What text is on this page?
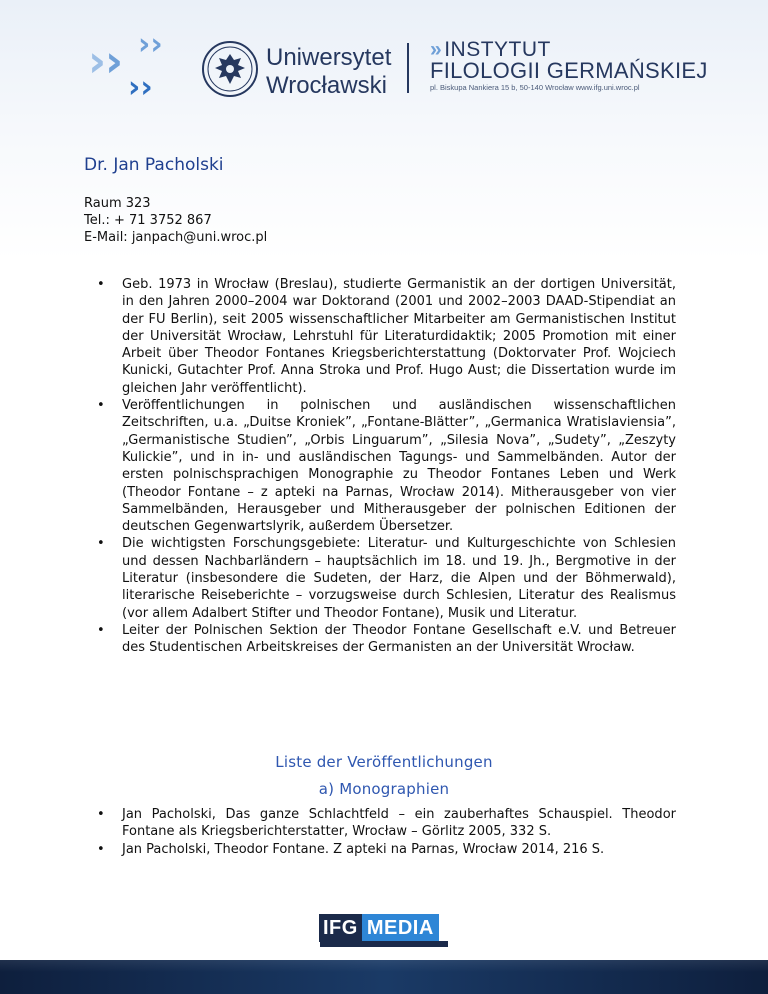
›
› ››
››
Uniwersytet
Wrocławski
»INSTYTUT
FILOLOGII GERMAŃSKIEJ
pl. Biskupa Nankiera 15 b, 50-140 Wrocław www.ifg.uni.wroc.pl
Dr. Jan Pacholski
Raum 323
Tel.: + 71 3752 867
E-Mail: janpach@uni.wroc.pl
• Geb. 1973 in Wrocław (Breslau), studierte Germanistik an der dortigen Universität, in den Jahren 2000–2004 war Doktorand (2001 und 2002–2003 DAAD-Stipendiat an der FU Berlin), seit 2005 wissenschaftlicher Mitarbeiter am Germanistischen Institut der Universität Wrocław, Lehrstuhl für Literaturdidaktik; 2005 Promotion mit einer Arbeit über Theodor Fontanes Kriegsberichterstattung (Doktorvater Prof. Wojciech Kunicki, Gutachter Prof. Anna Stroka und Prof. Hugo Aust; die Dissertation wurde im gleichen Jahr veröffentlicht).
• Veröffentlichungen in polnischen und ausländischen wissenschaftlichen Zeitschriften, u.a. „Duitse Kroniek”, „Fontane-Blätter”, „Germanica Wratislaviensia”, „Germanistische Studien”, „Orbis Linguarum”, „Silesia Nova”, „Sudety”, „Zeszyty Kulickie”, und in in- und ausländischen Tagungs- und Sammelbänden. Autor der ersten polnischsprachigen Monographie zu Theodor Fontanes Leben und Werk (Theodor Fontane – z apteki na Parnas, Wrocław 2014). Mitherausgeber von vier Sammelbänden, Herausgeber und Mitherausgeber der polnischen Editionen der deutschen Gegenwartslyrik, außerdem Übersetzer.
• Die wichtigsten Forschungsgebiete: Literatur- und Kulturgeschichte von Schlesien und dessen Nachbarländern – hauptsächlich im 18. und 19. Jh., Bergmotive in der Literatur (insbesondere die Sudeten, der Harz, die Alpen und der Böhmerwald), literarische Reiseberichte – vorzugsweise durch Schlesien, Literatur des Realismus (vor allem Adalbert Stifter und Theodor Fontane), Musik und Literatur.
• Leiter der Polnischen Sektion der Theodor Fontane Gesellschaft e.V. und Betreuer des Studentischen Arbeitskreises der Germanisten an der Universität Wrocław.
Liste der Veröffentlichungen
a) Monographien
• Jan Pacholski, Das ganze Schlachtfeld – ein zauberhaftes Schauspiel. Theodor Fontane als Kriegsberichterstatter, Wrocław – Görlitz 2005, 332 S.
• Jan Pacholski, Theodor Fontane. Z apteki na Parnas, Wrocław 2014, 216 S.
IFG MEDIA
